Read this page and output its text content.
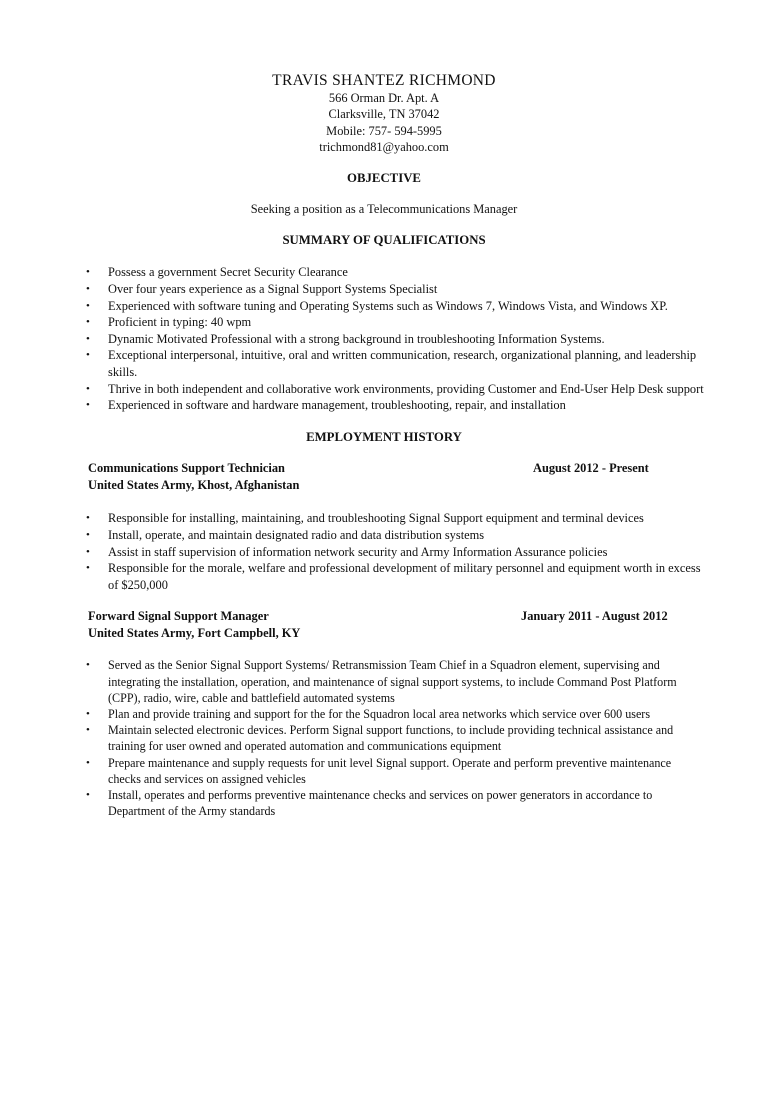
TRAVIS SHANTEZ RICHMOND
566 Orman Dr. Apt. A
Clarksville, TN 37042
Mobile: 757- 594-5995
trichmond81@yahoo.com
OBJECTIVE
Seeking a position as a Telecommunications Manager
SUMMARY OF QUALIFICATIONS
•	Possess a government Secret Security Clearance
•	Over four years experience as a Signal Support Systems Specialist
•	Experienced with software tuning and Operating Systems such as Windows 7, Windows Vista, and Windows XP.
•	Proficient in typing: 40 wpm
•	Dynamic Motivated Professional with a strong background in troubleshooting Information Systems.
•	Exceptional interpersonal, intuitive, oral and written communication, research, organizational planning, and leadership skills.
•	Thrive in both independent and collaborative work environments, providing Customer and End-User Help Desk support
•	Experienced in software and hardware management, troubleshooting, repair, and installation
EMPLOYMENT HISTORY
Communications Support Technician	August 2012 - Present
United States Army, Khost, Afghanistan
•	Responsible for installing, maintaining, and troubleshooting Signal Support equipment and terminal devices
•	Install, operate, and maintain designated radio and data distribution systems
•	Assist in staff supervision of information network security and Army Information Assurance policies
•	Responsible for the morale, welfare and professional development of military personnel and equipment worth in excess of $250,000
Forward Signal Support Manager	January 2011 - August 2012
United States Army, Fort Campbell, KY
•	Served as the Senior Signal Support Systems/ Retransmission Team Chief in a Squadron element, supervising and integrating the installation, operation, and maintenance of signal support systems, to include Command Post Platform (CPP), radio, wire, cable and battlefield automated systems
•	Plan and provide training and support for the for the Squadron local area networks which service over 600 users
•	Maintain selected electronic devices. Perform Signal support functions, to include providing technical assistance and training for user owned and operated automation and communications equipment
•	Prepare maintenance and supply requests for unit level Signal support. Operate and perform preventive maintenance checks and services on assigned vehicles
•	Install, operates and performs preventive maintenance checks and services on power generators in accordance to Department of the Army standards
